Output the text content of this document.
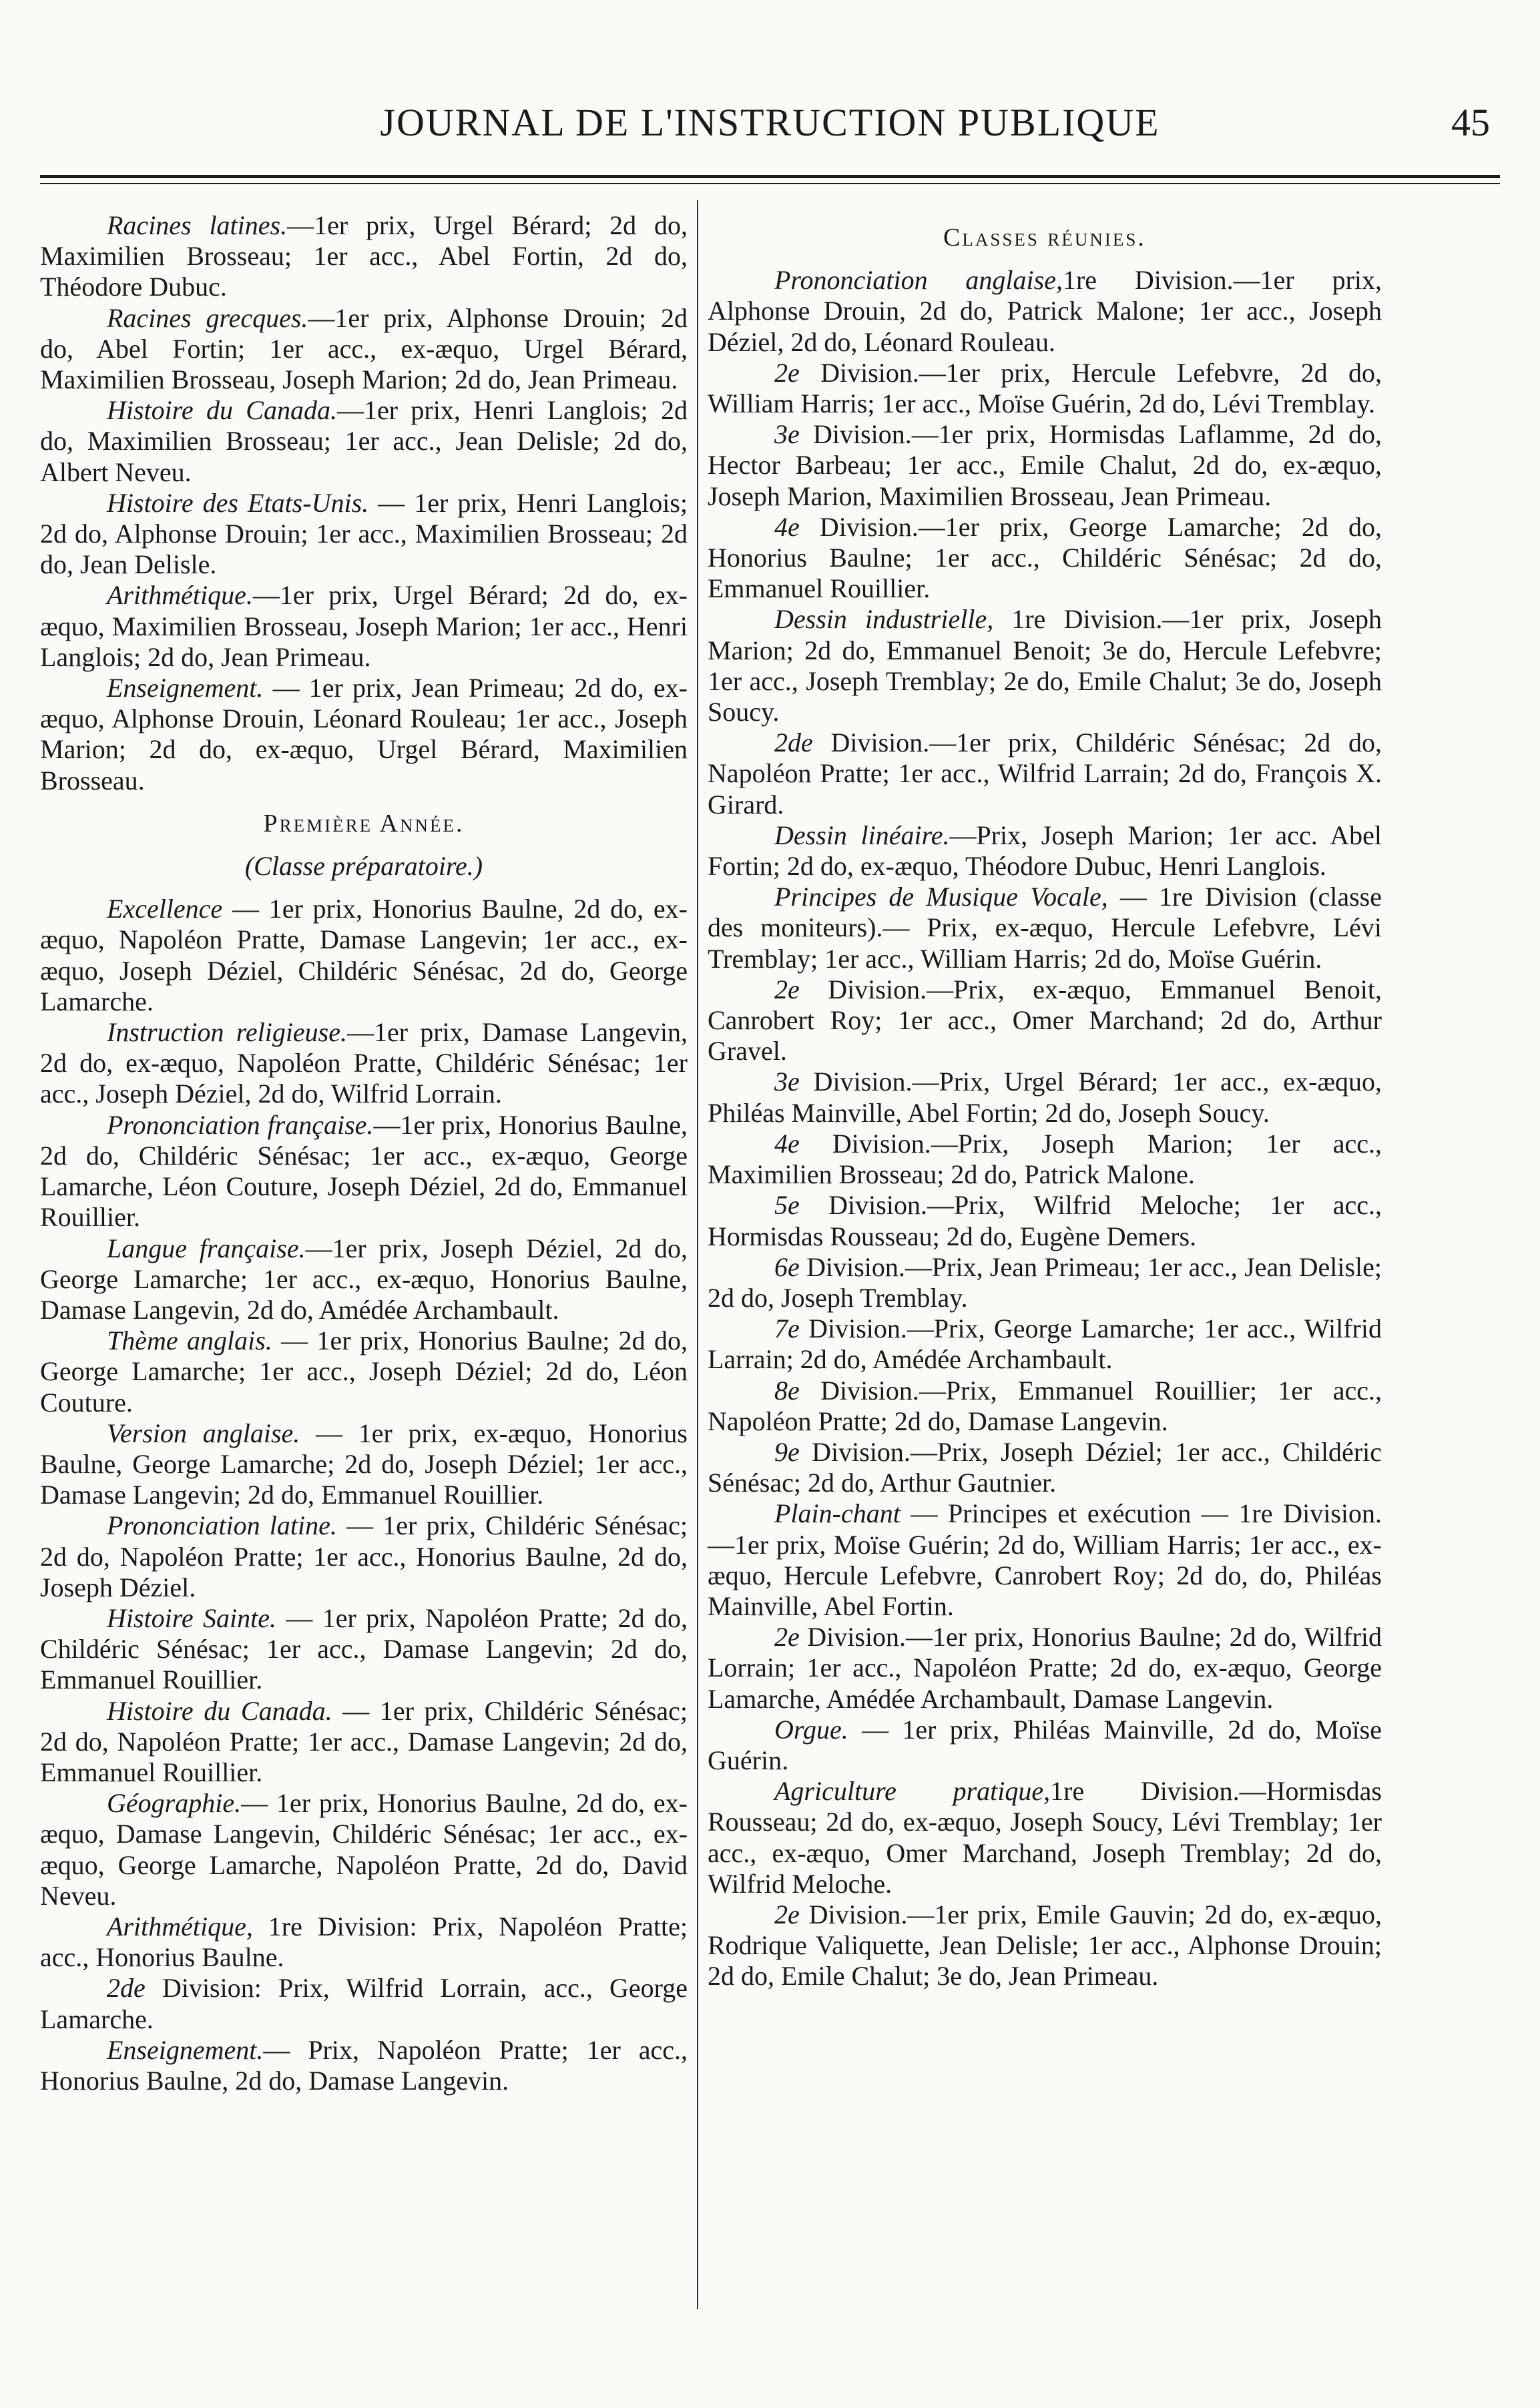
JOURNAL DE L'INSTRUCTION PUBLIQUE	45

Racines latines.—1er prix, Urgel Bérard; 2d do, Maximilien Brosseau; 1er acc., Abel Fortin, 2d do, Théodore Dubuc.

Racines grecques.—1er prix, Alphonse Drouin; 2d do, Abel Fortin; 1er acc., ex-æquo, Urgel Bérard, Maximilien Brosseau, Joseph Marion; 2d do, Jean Primeau.

Histoire du Canada.—1er prix, Henri Langlois; 2d do, Maximilien Brosseau; 1er acc., Jean Delisle; 2d do, Albert Neveu.

Histoire des Etats-Unis. — 1er prix, Henri Langlois; 2d do, Alphonse Drouin; 1er acc., Maximilien Brosseau; 2d do, Jean Delisle.

Arithmétique.—1er prix, Urgel Bérard; 2d do, ex-æquo, Maximilien Brosseau, Joseph Marion; 1er acc., Henri Langlois; 2d do, Jean Primeau.

Enseignement. — 1er prix, Jean Primeau; 2d do, ex-æquo, Alphonse Drouin, Léonard Rouleau; 1er acc., Joseph Marion; 2d do, ex-æquo, Urgel Bérard, Maximilien Brosseau.

Première Année.

(Classe préparatoire.)

Excellence — 1er prix, Honorius Baulne, 2d do, ex-æquo, Napoléon Pratte, Damase Langevin; 1er acc., ex-æquo, Joseph Déziel, Childéric Sénésac, 2d do, George Lamarche.

Instruction religieuse.—1er prix, Damase Langevin, 2d do, ex-æquo, Napoléon Pratte, Childéric Sénésac; 1er acc., Joseph Déziel, 2d do, Wilfrid Lorrain.

Prononciation française.—1er prix, Honorius Baulne, 2d do, Childéric Sénésac; 1er acc., ex-æquo, George Lamarche, Léon Couture, Joseph Déziel, 2d do, Emmanuel Rouillier.

Langue française.—1er prix, Joseph Déziel, 2d do, George Lamarche; 1er acc., ex-æquo, Honorius Baulne, Damase Langevin, 2d do, Amédée Archambault.

Thème anglais. — 1er prix, Honorius Baulne; 2d do, George Lamarche; 1er acc., Joseph Déziel; 2d do, Léon Couture.

Version anglaise. — 1er prix, ex-æquo, Honorius Baulne, George Lamarche; 2d do, Joseph Déziel; 1er acc., Damase Langevin; 2d do, Emmanuel Rouillier.

Prononciation latine. — 1er prix, Childéric Sénésac; 2d do, Napoléon Pratte; 1er acc., Honorius Baulne, 2d do, Joseph Déziel.

Histoire Sainte. — 1er prix, Napoléon Pratte; 2d do, Childéric Sénésac; 1er acc., Damase Langevin; 2d do, Emmanuel Rouillier.

Histoire du Canada. — 1er prix, Childéric Sénésac; 2d do, Napoléon Pratte; 1er acc., Damase Langevin; 2d do, Emmanuel Rouillier.

Géographie.— 1er prix, Honorius Baulne, 2d do, ex-æquo, Damase Langevin, Childéric Sénésac; 1er acc., ex-æquo, George Lamarche, Napoléon Pratte, 2d do, David Neveu.

Arithmétique, 1re Division: Prix, Napoléon Pratte; acc., Honorius Baulne.

2de Division: Prix, Wilfrid Lorrain, acc., George Lamarche.

Enseignement.— Prix, Napoléon Pratte; 1er acc., Honorius Baulne, 2d do, Damase Langevin.

Classes réunies.

Prononciation anglaise,1re Division.—1er prix, Alphonse Drouin, 2d do, Patrick Malone; 1er acc., Joseph Déziel, 2d do, Léonard Rouleau.

2e Division.—1er prix, Hercule Lefebvre, 2d do, William Harris; 1er acc., Moïse Guérin, 2d do, Lévi Tremblay.

3e Division.—1er prix, Hormisdas Laflamme, 2d do, Hector Barbeau; 1er acc., Emile Chalut, 2d do, ex-æquo, Joseph Marion, Maximilien Brosseau, Jean Primeau.

4e Division.—1er prix, George Lamarche; 2d do, Honorius Baulne; 1er acc., Childéric Sénésac; 2d do, Emmanuel Rouillier.

Dessin industrielle, 1re Division.—1er prix, Joseph Marion; 2d do, Emmanuel Benoit; 3e do, Hercule Lefebvre; 1er acc., Joseph Tremblay; 2e do, Emile Chalut; 3e do, Joseph Soucy.

2de Division.—1er prix, Childéric Sénésac; 2d do, Napoléon Pratte; 1er acc., Wilfrid Larrain; 2d do, François X. Girard.

Dessin linéaire.—Prix, Joseph Marion; 1er acc. Abel Fortin; 2d do, ex-æquo, Théodore Dubuc, Henri Langlois.

Principes de Musique Vocale, — 1re Division (classe des moniteurs).— Prix, ex-æquo, Hercule Lefebvre, Lévi Tremblay; 1er acc., William Harris; 2d do, Moïse Guérin.

2e Division.—Prix, ex-æquo, Emmanuel Benoit, Canrobert Roy; 1er acc., Omer Marchand; 2d do, Arthur Gravel.

3e Division.—Prix, Urgel Bérard; 1er acc., ex-æquo, Philéas Mainville, Abel Fortin; 2d do, Joseph Soucy.

4e Division.—Prix, Joseph Marion; 1er acc., Maximilien Brosseau; 2d do, Patrick Malone.

5e Division.—Prix, Wilfrid Meloche; 1er acc., Hormisdas Rousseau; 2d do, Eugène Demers.

6e Division.—Prix, Jean Primeau; 1er acc., Jean Delisle; 2d do, Joseph Tremblay.

7e Division.—Prix, George Lamarche; 1er acc., Wilfrid Larrain; 2d do, Amédée Archambault.

8e Division.—Prix, Emmanuel Rouillier; 1er acc., Napoléon Pratte; 2d do, Damase Langevin.

9e Division.—Prix, Joseph Déziel; 1er acc., Childéric Sénésac; 2d do, Arthur Gautnier.

Plain-chant — Principes et exécution — 1re Division.—1er prix, Moïse Guérin; 2d do, William Harris; 1er acc., ex-æquo, Hercule Lefebvre, Canrobert Roy; 2d do, do, Philéas Mainville, Abel Fortin.

2e Division.—1er prix, Honorius Baulne; 2d do, Wilfrid Lorrain; 1er acc., Napoléon Pratte; 2d do, ex-æquo, George Lamarche, Amédée Archambault, Damase Langevin.

Orgue. — 1er prix, Philéas Mainville, 2d do, Moïse Guérin.

Agriculture pratique,1re Division.—Hormisdas Rousseau; 2d do, ex-æquo, Joseph Soucy, Lévi Tremblay; 1er acc., ex-æquo, Omer Marchand, Joseph Tremblay; 2d do, Wilfrid Meloche.

2e Division.—1er prix, Emile Gauvin; 2d do, ex-æquo, Rodrique Valiquette, Jean Delisle; 1er acc., Alphonse Drouin; 2d do, Emile Chalut; 3e do, Jean Primeau.
